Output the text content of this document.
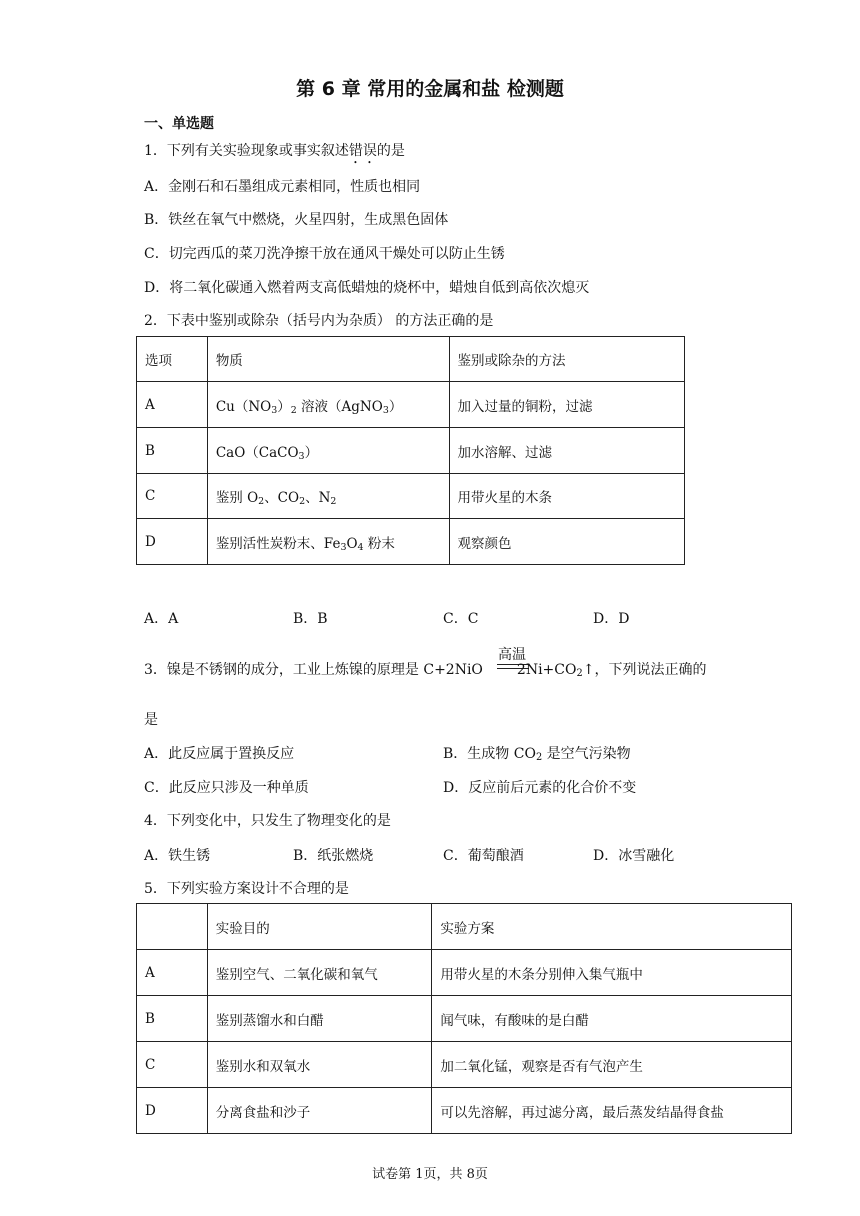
第 6 章 常用的金属和盐 检测题

一、单选题

1．下列有关实验现象或事实叙述错误的是

A．金刚石和石墨组成元素相同，性质也相同

B．铁丝在氧气中燃烧，火星四射，生成黑色固体

C．切完西瓜的菜刀洗净擦干放在通风干燥处可以防止生锈

D．将二氧化碳通入燃着两支高低蜡烛的烧杯中，蜡烛自低到高依次熄灭

2．下表中鉴别或除杂（括号内为杂质） 的方法正确的是

选项	物质	鉴别或除杂的方法
A	$Cu(NO_3)_2$ 溶液（AgNO$_3$）	加入过量的铜粉，过滤
B	CaO（CaCO$_3$）	加水溶解、过滤
C	鉴别 $O_2$、$CO_2$、$N_2$	用带火星的木条
D	鉴别活性炭粉末、$Fe_3O_4$ 粉末	观察颜色
A．A	B．B	C．C	D．D
高温

3．镍是不锈钢的成分，工业上炼镍的原理是 C+2NiO $2Ni+CO_2↑$，下列说法正确的

是

A．此反应属于置换反应	B．生成物 $CO_2$ 是空气污染物
C．此反应只涉及一种单质	D．反应前后元素的化合价不变

4．下列变化中，只发生了物理变化的是

A．铁生锈	B．纸张燃烧	C．葡萄酿酒	D．冰雪融化

5．下列实验方案设计不合理的是

	实验目的	实验方案
A	鉴别空气、二氧化碳和氧气	用带火星的木条分别伸入集气瓶中
B	鉴别蒸馏水和白醋	闻气味，有酸味的是白醋
C	鉴别水和双氧水	加二氧化锰，观察是否有气泡产生
D	分离食盐和沙子	可以先溶解，再过滤分离，最后蒸发结晶得食盐

试卷第 1页，共 8页
